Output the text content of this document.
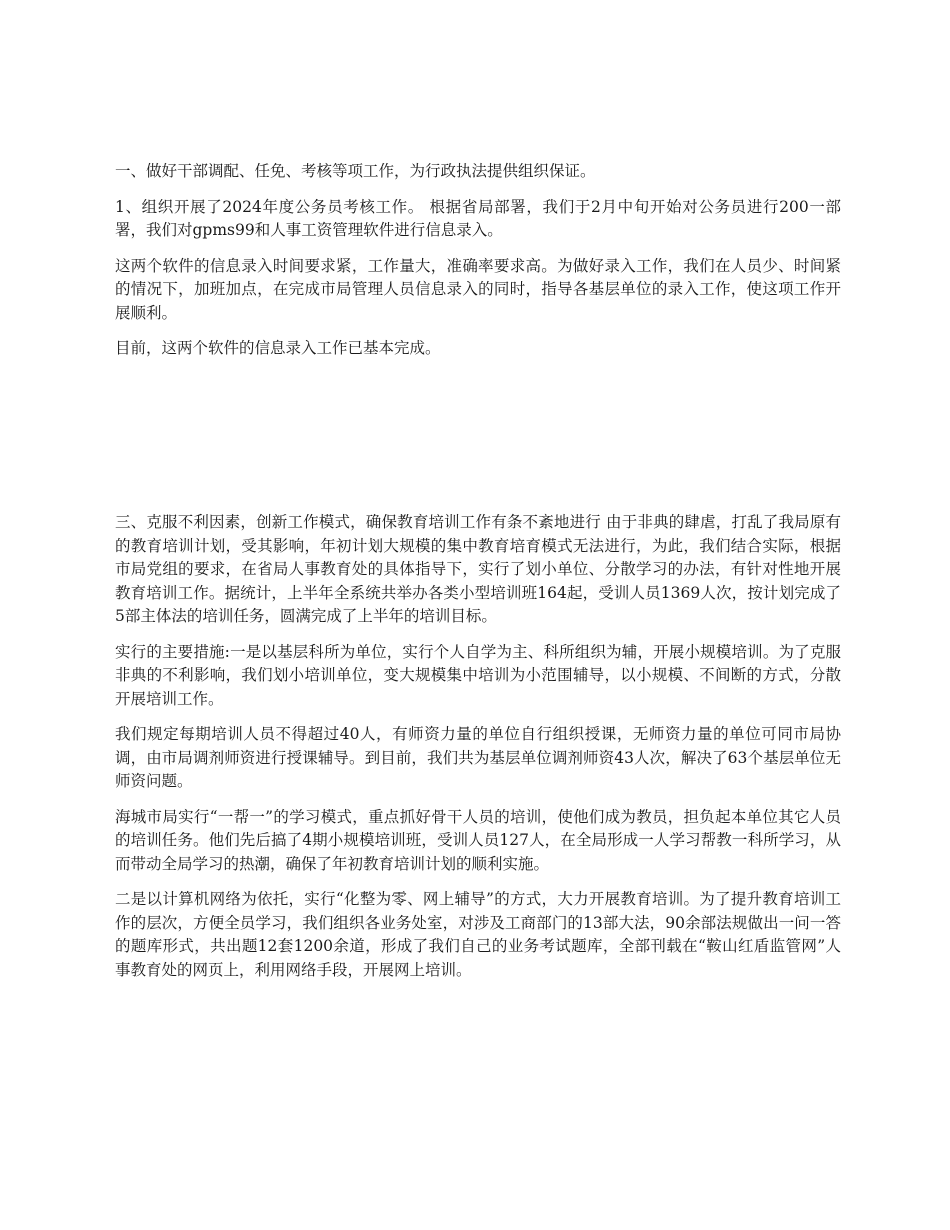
一、做好干部调配、任免、考核等项工作，为行政执法提供组织保证。

1、组织开展了2024年度公务员考核工作。 根据省局部署，我们于2月中旬开始对公务员进行200一部署，我们对gpms99和人事工资管理软件进行信息录入。

这两个软件的信息录入时间要求紧，工作量大，准确率要求高。为做好录入工作，我们在人员少、时间紧的情况下，加班加点，在完成市局管理人员信息录入的同时，指导各基层单位的录入工作，使这项工作开展顺利。

目前，这两个软件的信息录入工作已基本完成。

三、克服不利因素，创新工作模式，确保教育培训工作有条不紊地进行 由于非典的肆虐，打乱了我局原有的教育培训计划，受其影响，年初计划大规模的集中教育培育模式无法进行，为此，我们结合实际，根据市局党组的要求，在省局人事教育处的具体指导下，实行了划小单位、分散学习的办法，有针对性地开展教育培训工作。据统计，上半年全系统共举办各类小型培训班164起，受训人员1369人次，按计划完成了5部主体法的培训任务，圆满完成了上半年的培训目标。

实行的主要措施:一是以基层科所为单位，实行个人自学为主、科所组织为辅，开展小规模培训。为了克服非典的不利影响，我们划小培训单位，变大规模集中培训为小范围辅导，以小规模、不间断的方式，分散开展培训工作。

我们规定每期培训人员不得超过40人，有师资力量的单位自行组织授课，无师资力量的单位可同市局协调，由市局调剂师资进行授课辅导。到目前，我们共为基层单位调剂师资43人次，解决了63个基层单位无师资问题。

海城市局实行“一帮一”的学习模式，重点抓好骨干人员的培训，使他们成为教员，担负起本单位其它人员的培训任务。他们先后搞了4期小规模培训班，受训人员127人，在全局形成一人学习帮教一科所学习，从而带动全局学习的热潮，确保了年初教育培训计划的顺利实施。

二是以计算机网络为依托，实行“化整为零、网上辅导”的方式，大力开展教育培训。为了提升教育培训工作的层次，方便全员学习，我们组织各业务处室，对涉及工商部门的13部大法，90余部法规做出一问一答的题库形式，共出题12套1200余道，形成了我们自己的业务考试题库，全部刊载在“鞍山红盾监管网”人事教育处的网页上，利用网络手段，开展网上培训。
